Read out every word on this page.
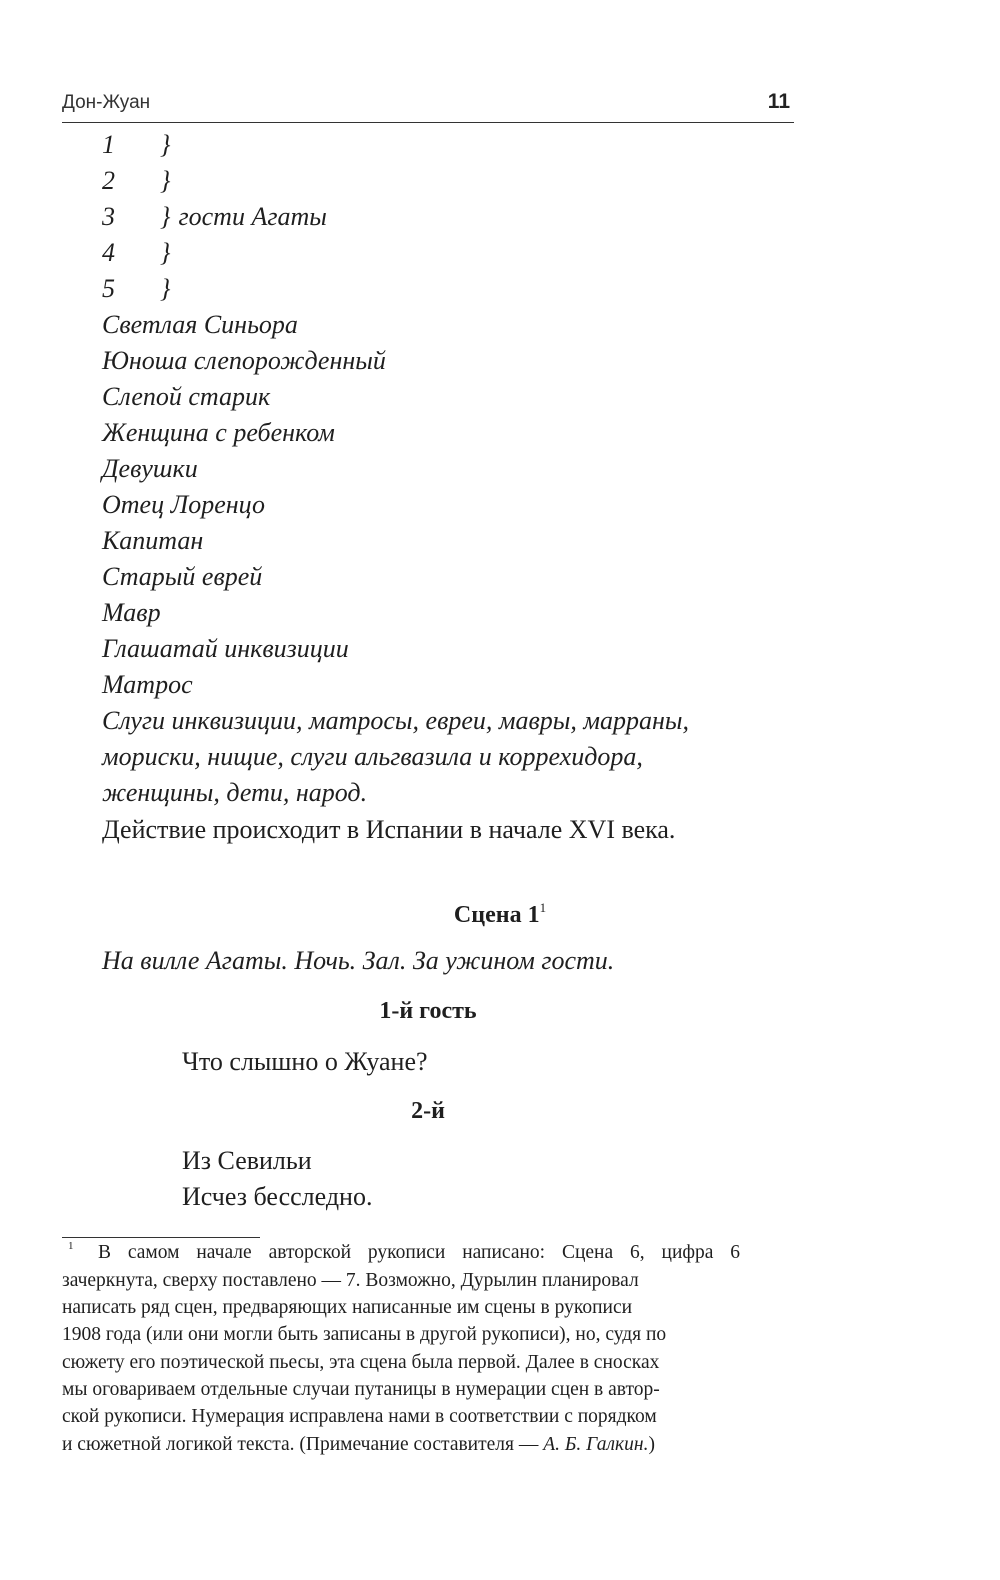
Дон-Жуан	11
1 }
2 }
3 } гости Агаты
4 }
5 }
Светлая Синьора
Юноша слепорожденный
Слепой старик
Женщина с ребенком
Девушки
Отец Лоренцо
Капитан
Старый еврей
Мавр
Глашатай инквизиции
Матрос
Слуги инквизиции, матросы, евреи, мавры, марраны,
мориски, нищие, слуги альгвазила и коррехидора,
женщины, дети, народ.
Действие происходит в Испании в начале XVI века.
Сцена $1^1$
На вилле Агаты. Ночь. Зал. За ужином гости.
1-й гость
Что слышно о Жуане?
2-й
Из Севильи
Исчез бесследно.
1 В самом начале авторской рукописи написано: Сцена 6, цифра 6
зачеркнута, сверху поставлено — 7. Возможно, Дурылин планировал
написать ряд сцен, предваряющих написанные им сцены в рукописи
1908 года (или они могли быть записаны в другой рукописи), но, судя по
сюжету его поэтической пьесы, эта сцена была первой. Далее в сносках
мы оговариваем отдельные случаи путаницы в нумерации сцен в автор-
ской рукописи. Нумерация исправлена нами в соответствии с порядком
и сюжетной логикой текста. (Примечание составителя — А. Б. Галкин.)
